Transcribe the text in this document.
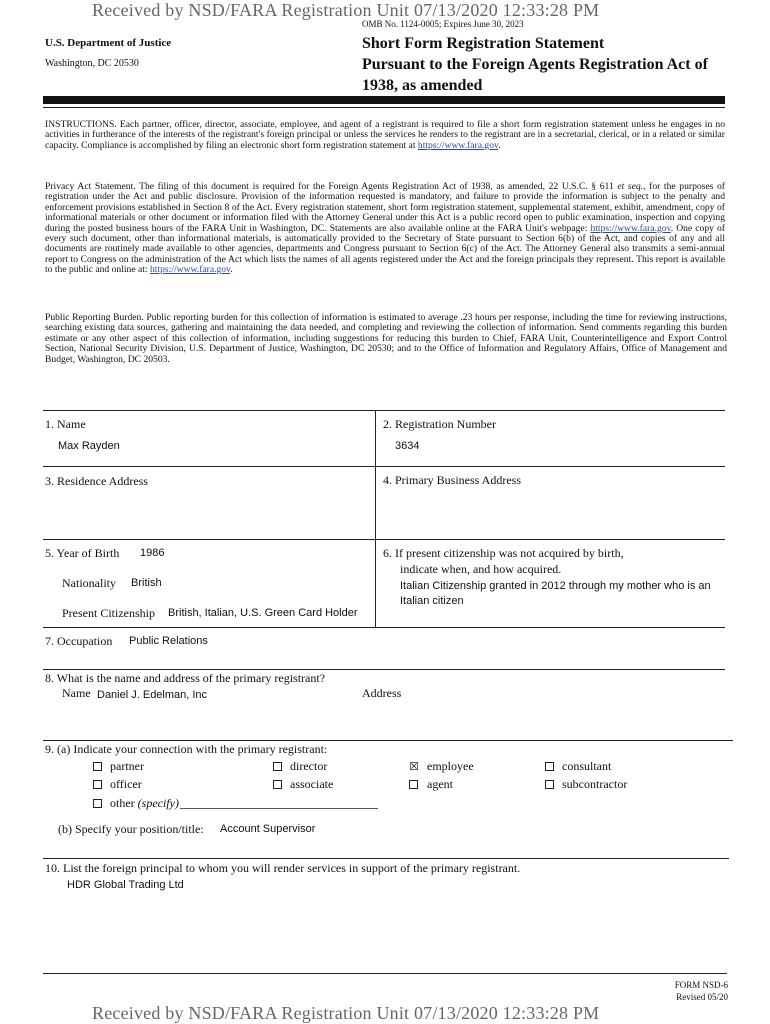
Received by NSD/FARA Registration Unit 07/13/2020 12:33:28 PM
OMB No. 1124-0005; Expires June 30, 2023
U.S. Department of Justice
Washington, DC 20530
Short Form Registration Statement
Pursuant to the Foreign Agents Registration Act of
1938, as amended
INSTRUCTIONS. Each partner, officer, director, associate, employee, and agent of a registrant is required to file a short form registration statement unless he engages in no activities in furtherance of the interests of the registrant's foreign principal or unless the services he renders to the registrant are in a secretarial, clerical, or in a related or similar capacity. Compliance is accomplished by filing an electronic short form registration statement at https://www.fara.gov.
Privacy Act Statement. The filing of this document is required for the Foreign Agents Registration Act of 1938, as amended, 22 U.S.C. § 611 et seq., for the purposes of registration under the Act and public disclosure. Provision of the information requested is mandatory, and failure to provide the information is subject to the penalty and enforcement provisions established in Section 8 of the Act. Every registration statement, short form registration statement, supplemental statement, exhibit, amendment, copy of informational materials or other document or information filed with the Attorney General under this Act is a public record open to public examination, inspection and copying during the posted business hours of the FARA Unit in Washington, DC. Statements are also available online at the FARA Unit's webpage: https://www.fara.gov. One copy of every such document, other than informational materials, is automatically provided to the Secretary of State pursuant to Section 6(b) of the Act, and copies of any and all documents are routinely made available to other agencies, departments and Congress pursuant to Section 6(c) of the Act. The Attorney General also transmits a semi-annual report to Congress on the administration of the Act which lists the names of all agents registered under the Act and the foreign principals they represent. This report is available to the public and online at: https://www.fara.gov.
Public Reporting Burden. Public reporting burden for this collection of information is estimated to average .23 hours per response, including the time for reviewing instructions, searching existing data sources, gathering and maintaining the data needed, and completing and reviewing the collection of information. Send comments regarding this burden estimate or any other aspect of this collection of information, including suggestions for reducing this burden to Chief, FARA Unit, Counterintelligence and Export Control Section, National Security Division, U.S. Department of Justice, Washington, DC 20530; and to the Office of Information and Regulatory Affairs, Office of Management and Budget, Washington, DC 20503.
1. Name
Max Rayden
2. Registration Number
3634
3. Residence Address	4. Primary Business Address
5. Year of Birth 1986
Nationality British
Present Citizenship British, Italian, U.S. Green Card Holder
6. If present citizenship was not acquired by birth,
indicate when, and how acquired.
Italian Citizenship granted in 2012 through my mother who is an
Italian citizen
7. Occupation Public Relations
8. What is the name and address of the primary registrant?
Name Daniel J. Edelman, Inc	Address
9. (a) Indicate your connection with the primary registrant:
partner	director	☒ employee	consultant
officer	associate	agent	subcontractor
other (specify)
(b) Specify your position/title: Account Supervisor
10. List the foreign principal to whom you will render services in support of the primary registrant.
HDR Global Trading Ltd
FORM NSD-6
Revised 05/20
Received by NSD/FARA Registration Unit 07/13/2020 12:33:28 PM
